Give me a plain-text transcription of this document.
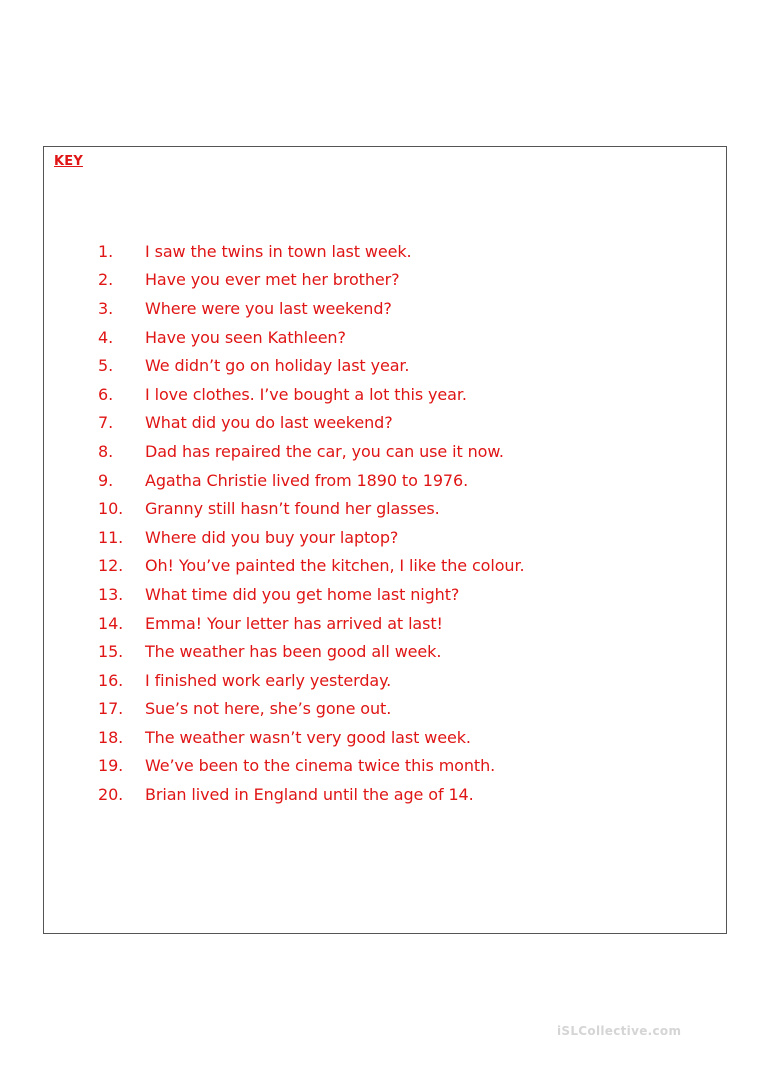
KEY
1.	I saw the twins in town last week.
2.	Have you ever met her brother?
3.	Where were you last weekend?
4.	Have you seen Kathleen?
5.	We didn’t go on holiday last year.
6.	I love clothes. I’ve bought a lot this year.
7.	What did you do last weekend?
8.	Dad has repaired the car, you can use it now.
9.	Agatha Christie lived from 1890 to 1976.
10.	Granny still hasn’t found her glasses.
11.	Where did you buy your laptop?
12.	Oh! You’ve painted the kitchen, I like the colour.
13.	What time did you get home last night?
14.	Emma! Your letter has arrived at last!
15.	The weather has been good all week.
16.	I finished work early yesterday.
17.	Sue’s not here, she’s gone out.
18.	The weather wasn’t very good last week.
19.	We’ve been to the cinema twice this month.
20.	Brian lived in England until the age of 14.
iSLCollective.com
